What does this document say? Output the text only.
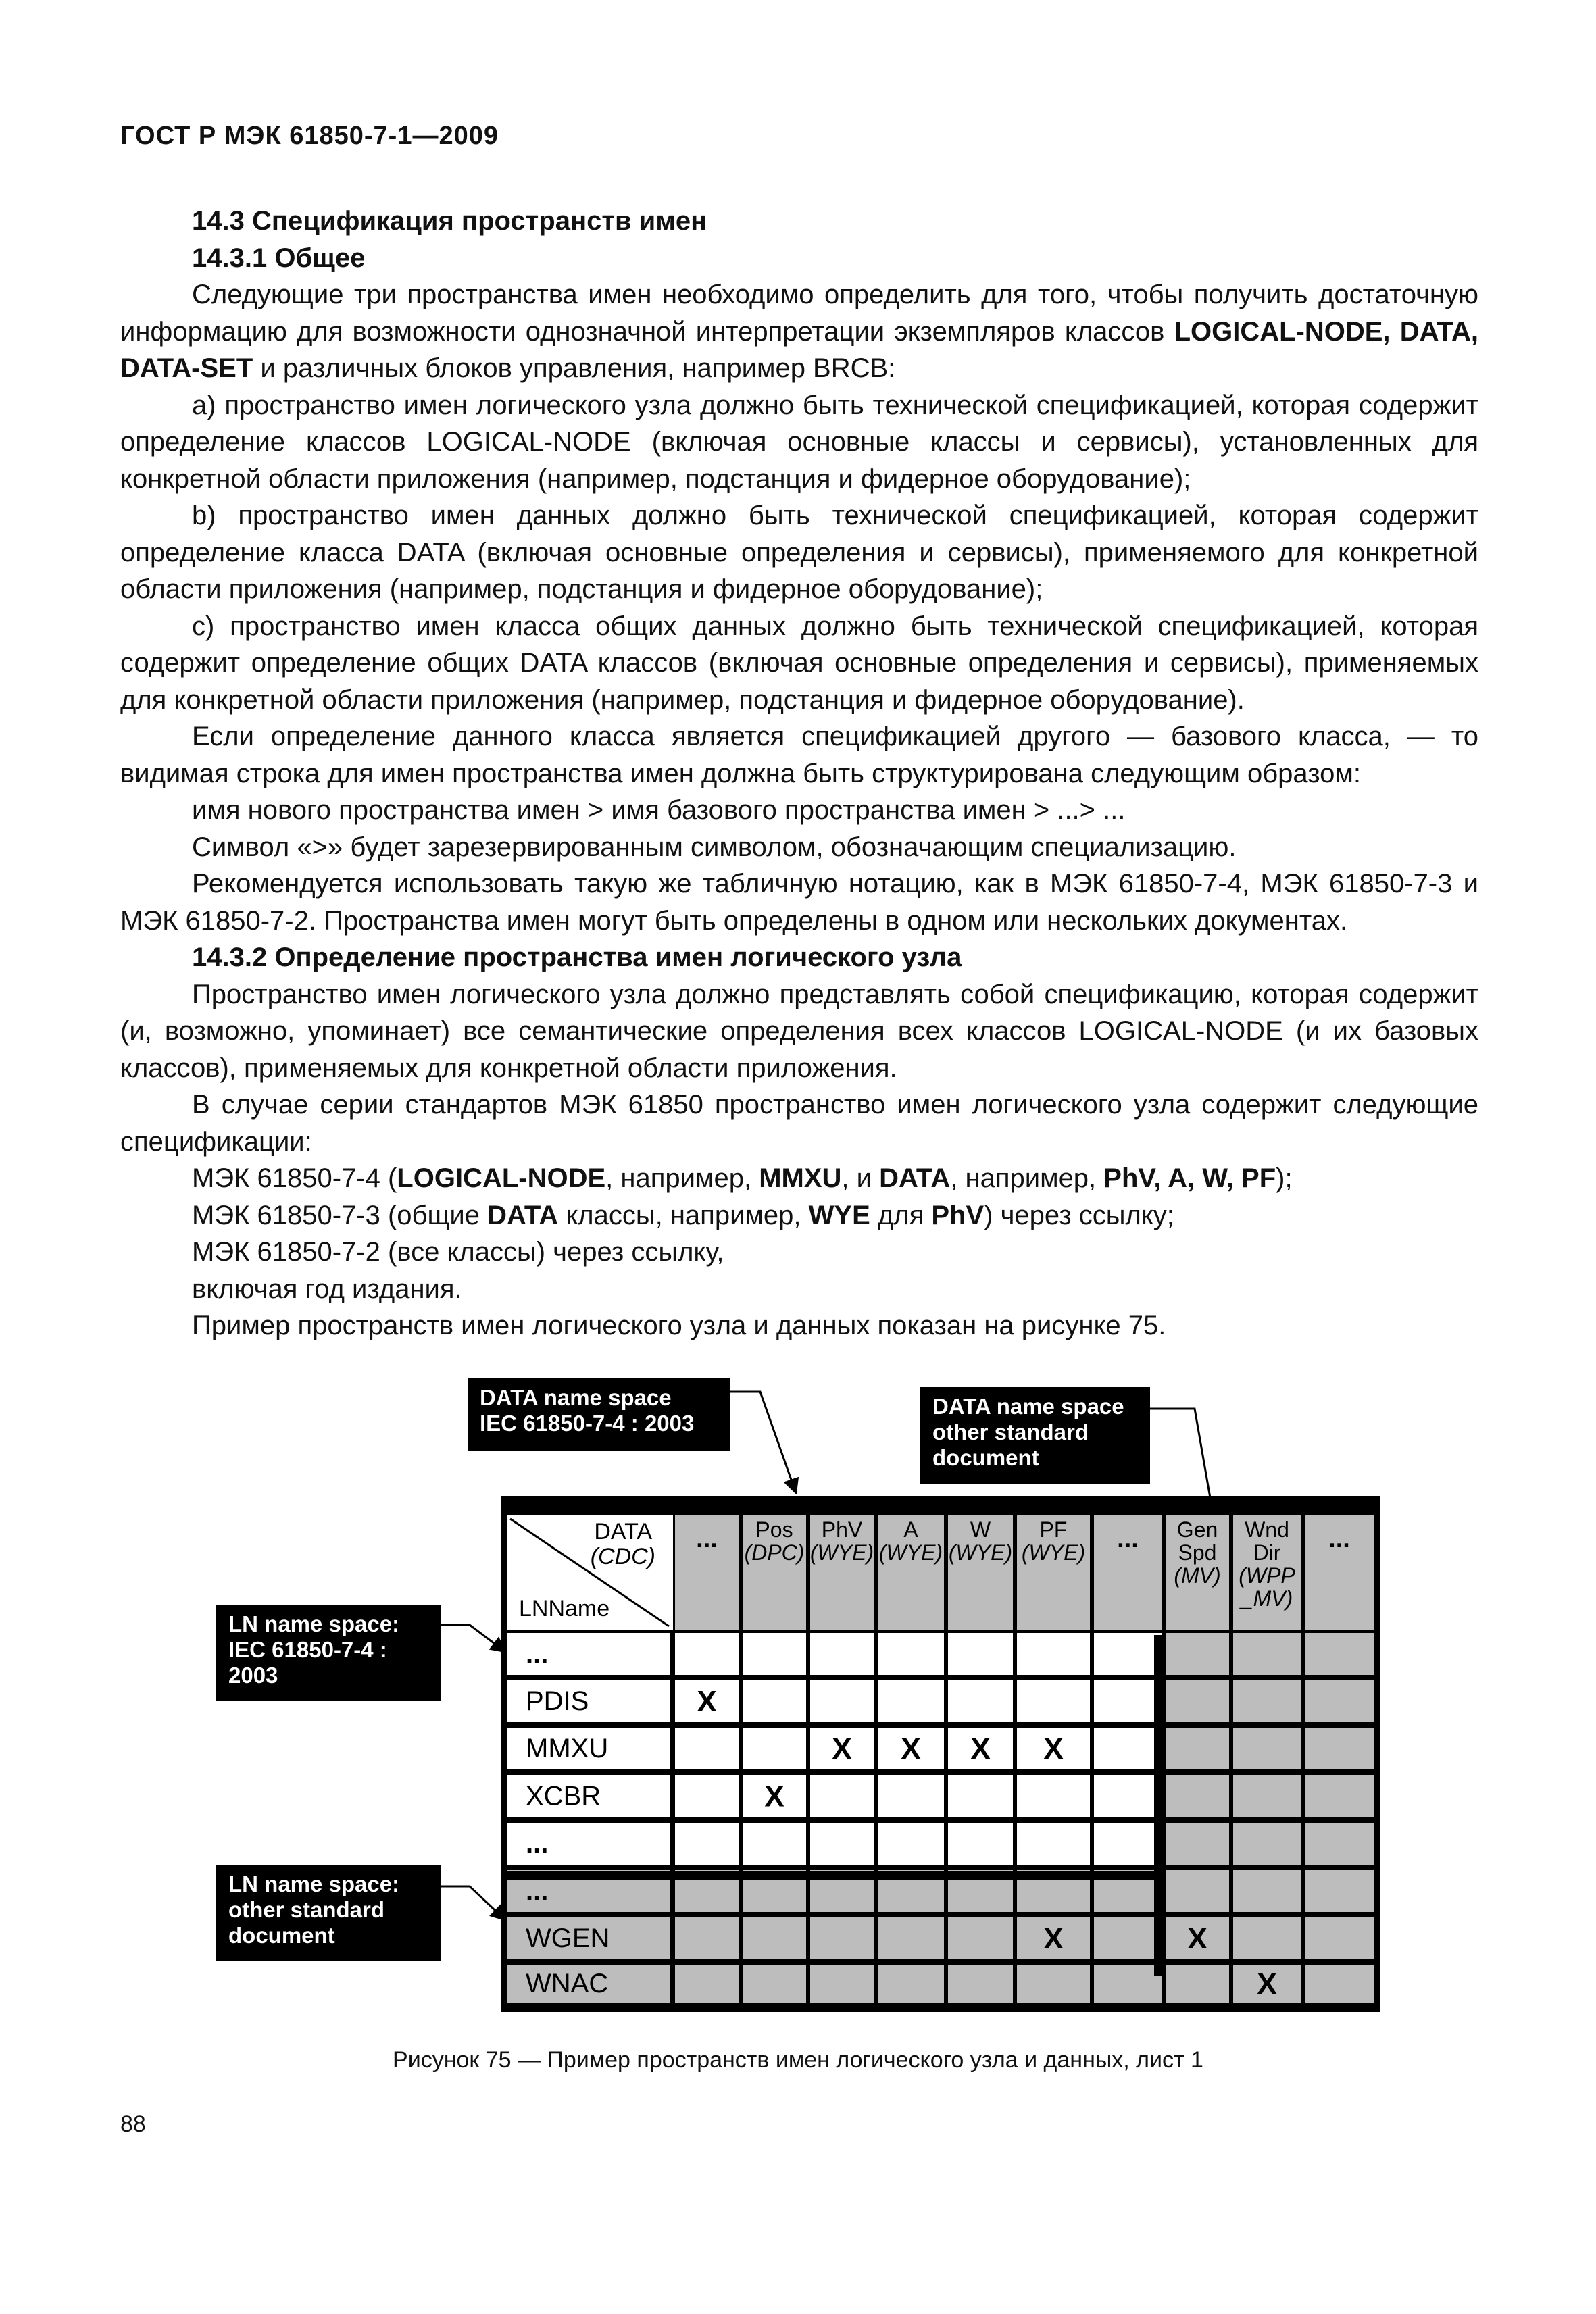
ГОСТ Р МЭК 61850-7-1—2009

14.3 Спецификация пространств имен

14.3.1 Общее

Следующие три пространства имен необходимо определить для того, чтобы получить достаточную информацию для возможности однозначной интерпретации экземпляров классов LOGICAL-NODE, DATA, DATA-SET и различных блоков управления, например BRCB:

a) пространство имен логического узла должно быть технической спецификацией, которая содержит определение классов LOGICAL-NODE (включая основные классы и сервисы), установленных для конкретной области приложения (например, подстанция и фидерное оборудование);

b) пространство имен данных должно быть технической спецификацией, которая содержит определение класса DATA (включая основные определения и сервисы), применяемого для конкретной области приложения (например, подстанция и фидерное оборудование);

c) пространство имен класса общих данных должно быть технической спецификацией, которая содержит определение общих DATA классов (включая основные определения и сервисы), применяемых для конкретной области приложения (например, подстанция и фидерное оборудование).

Если определение данного класса является спецификацией другого — базового класса, — то видимая строка для имен пространства имен должна быть структурирована следующим образом:

имя нового пространства имен > имя базового пространства имен > ...> ...

Символ «>» будет зарезервированным символом, обозначающим специализацию.

Рекомендуется использовать такую же табличную нотацию, как в МЭК 61850-7-4, МЭК 61850-7-3 и МЭК 61850-7-2. Пространства имен могут быть определены в одном или нескольких документах.

14.3.2 Определение пространства имен логического узла

Пространство имен логического узла должно представлять собой спецификацию, которая содержит (и, возможно, упоминает) все семантические определения всех классов LOGICAL-NODE (и их базовых классов), применяемых для конкретной области приложения.

В случае серии стандартов МЭК 61850 пространство имен логического узла содержит следующие спецификации:

МЭК 61850-7-4 (LOGICAL-NODE, например, MMXU, и DATA, например, PhV, A, W, PF);

МЭК 61850-7-3 (общие DATA классы, например, WYE для PhV) через ссылку;

МЭК 61850-7-2 (все классы) через ссылку,

включая год издания.

Пример пространств имен логического узла и данных показан на рисунке 75.

DATA
(CDC)
LNName
... Pos
(DPC)
PhV
(WYE)
A
(WYE)
W
(WYE)
PF
(WYE) ... Gen
Spd
(MV)
Wnd
Dir
(WPP
_MV)
...
...
PDIS
MMXU
XCBR
...
...
WGEN
WNAC
X
X X X X
X
X	X
X
DATA name space
IEC 61850-7-4 : 2003
DATA name space
other standard
document
LN name space:
IEC 61850-7-4 :
2003
LN name space:
other standard
document
Рисунок 75 — Пример пространств имен логического узла и данных, лист 1
88
